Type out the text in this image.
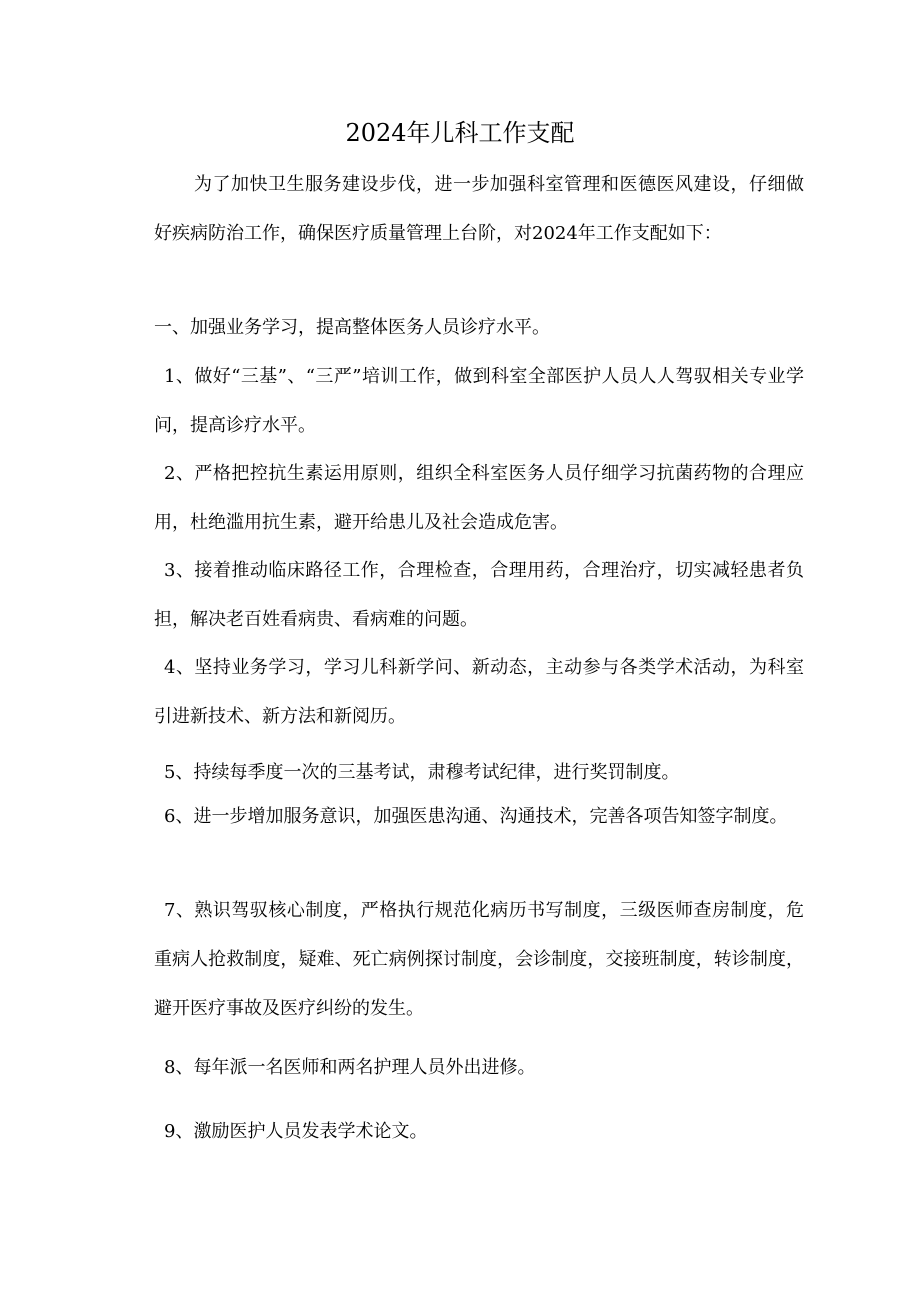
2024年儿科工作支配

为了加快卫生服务建设步伐，进一步加强科室管理和医德医风建设，仔细做好疾病防治工作，确保医疗质量管理上台阶，对2024年工作支配如下：

一、加强业务学习，提高整体医务人员诊疗水平。

1、做好“三基”、“三严”培训工作，做到科室全部医护人员人人驾驭相关专业学问，提高诊疗水平。

2、严格把控抗生素运用原则，组织全科室医务人员仔细学习抗菌药物的合理应用，杜绝滥用抗生素，避开给患儿及社会造成危害。

3、接着推动临床路径工作，合理检查，合理用药，合理治疗，切实减轻患者负担，解决老百姓看病贵、看病难的问题。

4、坚持业务学习，学习儿科新学问、新动态，主动参与各类学术活动，为科室引进新技术、新方法和新阅历。

5、持续每季度一次的三基考试，肃穆考试纪律，进行奖罚制度。

6、进一步增加服务意识，加强医患沟通、沟通技术，完善各项告知签字制度。

7、熟识驾驭核心制度，严格执行规范化病历书写制度，三级医师查房制度，危重病人抢救制度，疑难、死亡病例探讨制度，会诊制度，交接班制度，转诊制度，避开医疗事故及医疗纠纷的发生。

8、每年派一名医师和两名护理人员外出进修。

9、激励医护人员发表学术论文。
